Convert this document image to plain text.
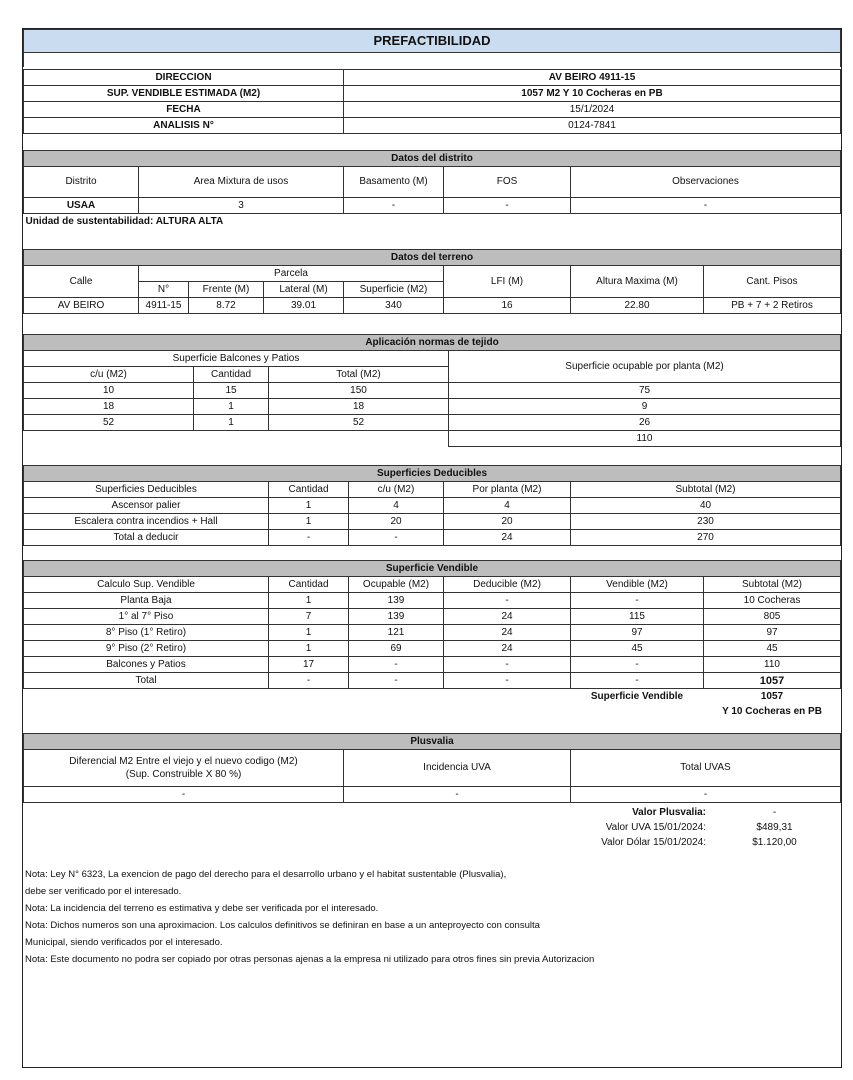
PREFACTIBILIDAD

DIRECCION	AV BEIRO 4911-15
SUP. VENDIBLE ESTIMADA (M2)	1057 M2 Y 10 Cocheras en PB
FECHA	15/1/2024
ANALISIS N°	0124-7841
Datos del distrito				
Distrito	Area Mixtura de usos	Basamento (M)	FOS	Observaciones
USAA	3	-	-	-
Unidad de sustentabilidad: ALTURA ALTA				
Datos del terreno							
Calle	Parcela				LFI (M)	Altura Maxima (M)	Cant. Pisos
	N°	Frente (M)	Lateral (M)	Superficie (M2)			
AV BEIRO	4911-15	8.72	39.01	340	16	22.80	PB + 7 + 2 Retiros
Aplicación normas de tejido			
Superficie Balcones y Patios			Superficie ocupable por planta (M2)
c/u (M2)	Cantidad	Total (M2)	
10	15	150	75
18	1	18	9
52	1	52	26
			110
Superficies Deducibles				
Superficies Deducibles	Cantidad	c/u (M2)	Por planta (M2)	Subtotal (M2)
Ascensor palier	1	4	4	40
Escalera contra incendios + Hall	1	20	20	230
Total a deducir	-	-	24	270
Superficie Vendible					
Calculo Sup. Vendible	Cantidad	Ocupable (M2)	Deducible (M2)	Vendible (M2)	Subtotal (M2)
Planta Baja	1	139	-	-	10 Cocheras
1° al 7° Piso	7	139	24	115	805
8° Piso (1° Retiro)	1	121	24	97	97
9° Piso (2° Retiro)	1	69	24	45	45
Balcones y Patios	17	-	-	-	110
Total	-	-	-	-	1057
				Superficie Vendible	1057
					Y 10 Cocheras en PB
Plusvalia		

Diferencial M2 Entre el viejo y el nuevo codigo (M2)
(Sup. Construible X 80 %)	Incidencia UVA	Total UVAS
-	-	-
	Valor Plusvalia:	-
	Valor UVA 15/01/2024:	$489,31
	Valor Dólar 15/01/2024:	$1.120,00
Nota: Ley N° 6323, La exencion de pago del derecho para el desarrollo urbano y el habitat sustentable (Plusvalia),
debe ser verificado por el interesado.
Nota: La incidencia del terreno es estimativa y debe ser verificada por el interesado.
Nota: Dichos numeros son una aproximacion. Los calculos definitivos se definiran en base a un anteproyecto con consulta
Municipal, siendo verificados por el interesado.
Nota: Este documento no podra ser copiado por otras personas ajenas a la empresa ni utilizado para otros fines sin previa Autorizacion
